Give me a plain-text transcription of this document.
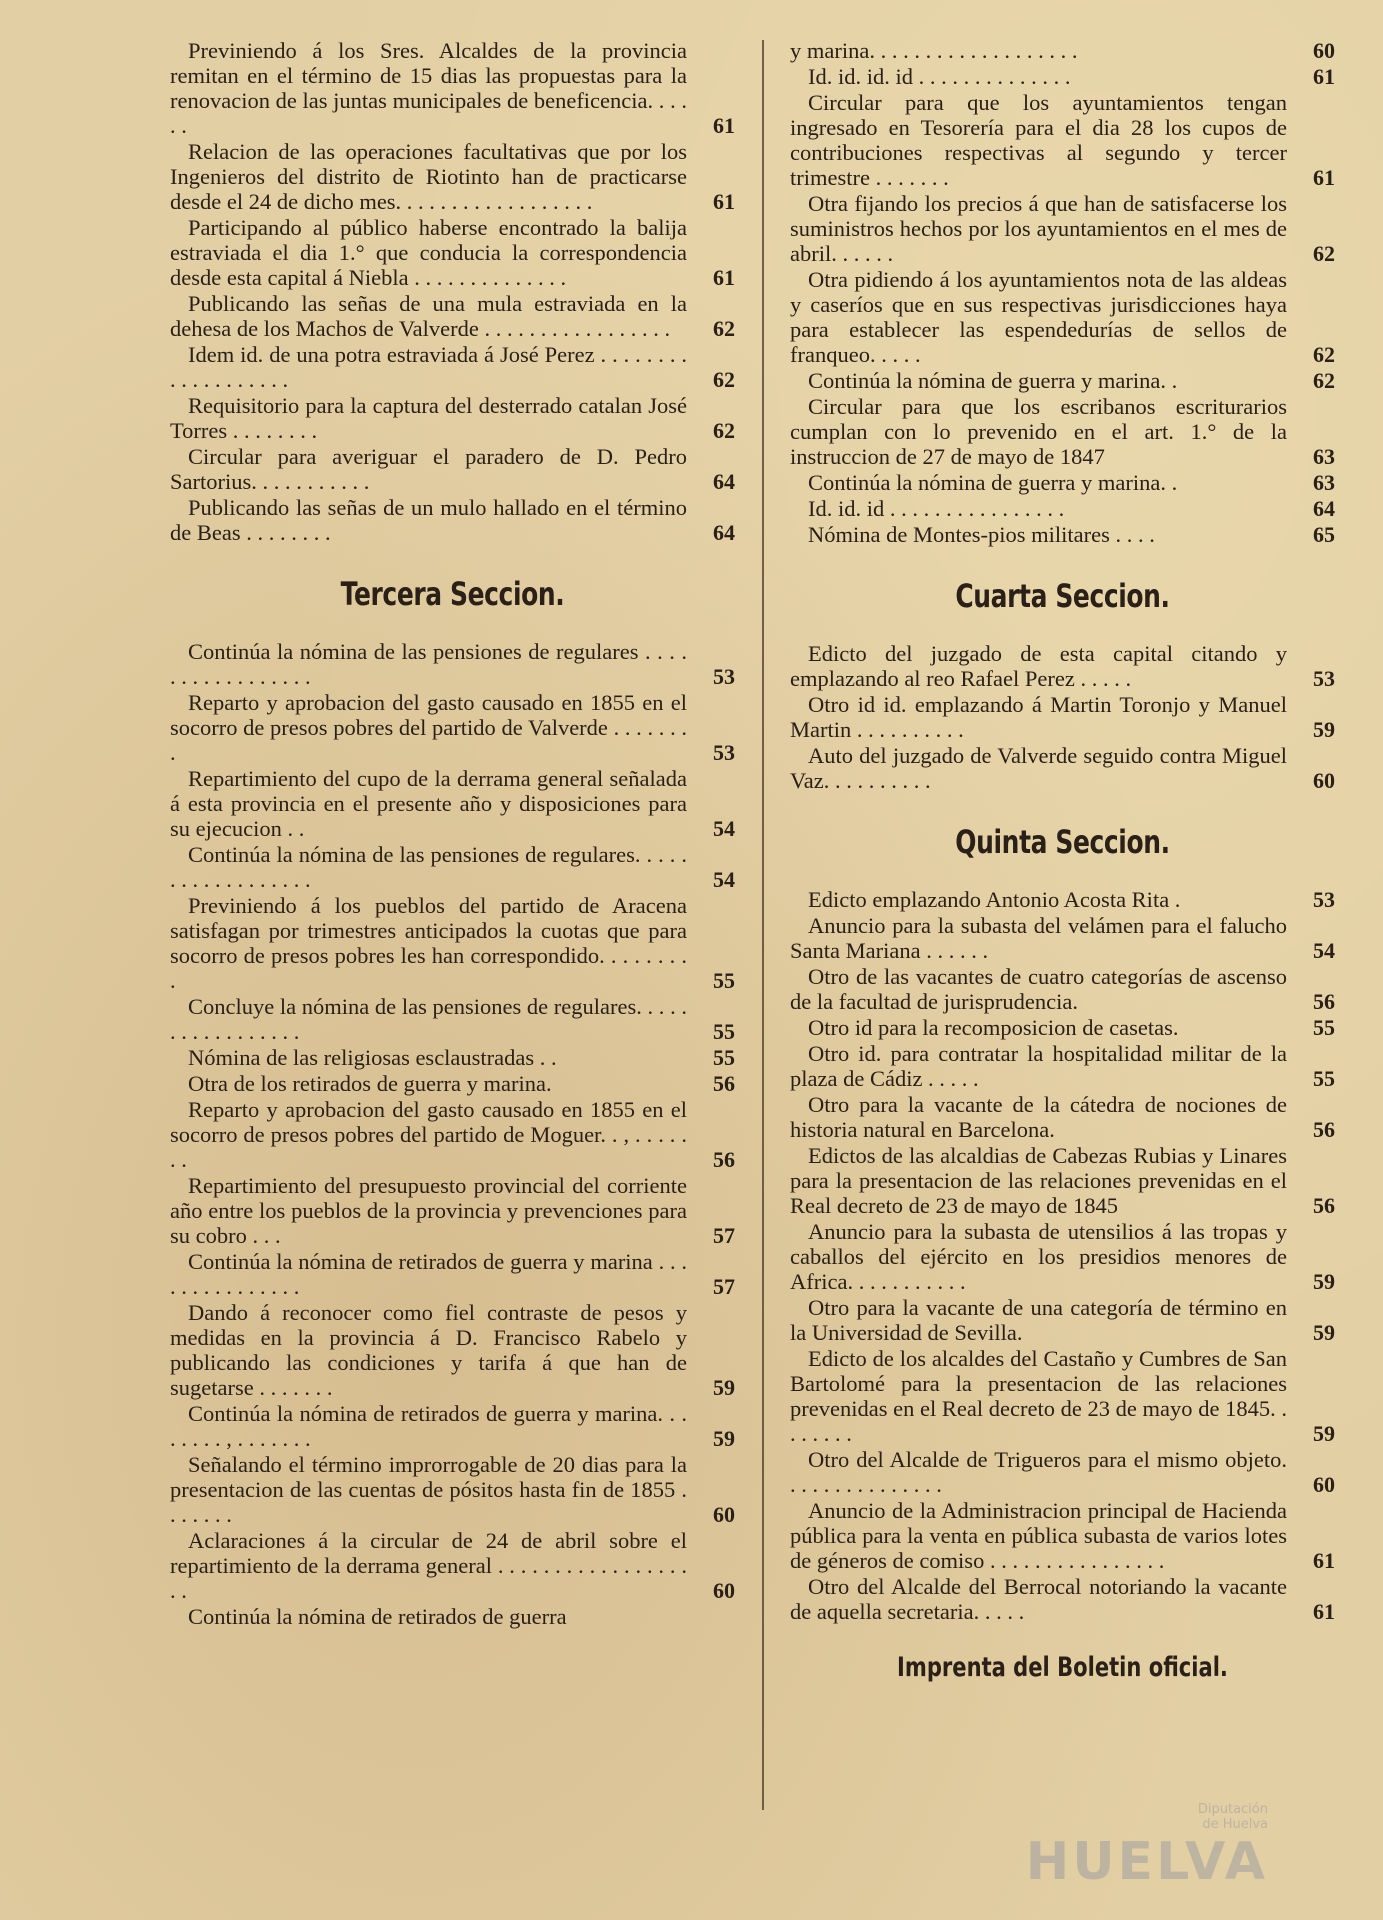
Previniendo á los Sres. Alcaldes de la provincia remitan en el término de 15 dias las propuestas para la renovacion de las juntas municipales de beneficencia. . . . . .	61
Relacion de las operaciones facultativas que por los Ingenieros del distrito de Riotinto han de practicarse desde el 24 de dicho mes. . . . . . . . . . . . . . . . . .	61
Participando al público haberse encontrado la balija estraviada el dia 1.° que conducia la correspondencia desde esta capital á Niebla . . . . . . . . . . . . . .	61
Publicando las señas de una mula estraviada en la dehesa de los Machos de Valverde . . . . . . . . . . . . . . . . .	62
Idem id. de una potra estraviada á José Perez . . . . . . . . . . . . . . . . . . .	62
Requisitorio para la captura del desterrado catalan José Torres . . . . . . . .	62
Circular para averiguar el paradero de D. Pedro Sartorius. . . . . . . . . . .	64
Publicando las señas de un mulo hallado en el término de Beas . . . . . . . .	64
Tercera Seccion.
Continúa la nómina de las pensiones de regulares . . . . . . . . . . . . . . . . .	53
Reparto y aprobacion del gasto causado en 1855 en el socorro de presos pobres del partido de Valverde . . . . . . . .	53
Repartimiento del cupo de la derrama general señalada á esta provincia en el presente año y disposiciones para su ejecucion . .	54
Continúa la nómina de las pensiones de regulares. . . . . . . . . . . . . . . . . .	54
Previniendo á los pueblos del partido de Aracena satisfagan por trimestres anticipados la cuotas que para socorro de presos pobres les han correspondido. . . . . . . . .	55
Concluye la nómina de las pensiones de regulares. . . . . . . . . . . . . . . . .	55
Nómina de las religiosas esclaustradas . .	55
Otra de los retirados de guerra y marina.	56
Reparto y aprobacion del gasto causado en 1855 en el socorro de presos pobres del partido de Moguer. . , . . . . . . .	56
Repartimiento del presupuesto provincial del corriente año entre los pueblos de la provincia y prevenciones para su cobro . . .	57
Continúa la nómina de retirados de guerra y marina . . . . . . . . . . . . . . .	57
Dando á reconocer como fiel contraste de pesos y medidas en la provincia á D. Francisco Rabelo y publicando las condiciones y tarifa á que han de sugetarse . . . . . . .	59
Continúa la nómina de retirados de guerra y marina. . . . . . . . , . . . . . . .	59
Señalando el término improrrogable de 20 dias para la presentacion de las cuentas de pósitos hasta fin de 1855 . . . . . . .	60
Aclaraciones á la circular de 24 de abril sobre el repartimiento de la derrama general . . . . . . . . . . . . . . . . . . .	60
Continúa la nómina de retirados de guerra
y marina. . . . . . . . . . . . . . . . . . .	60
Id. id. id. id . . . . . . . . . . . . . .	61
Circular para que los ayuntamientos tengan ingresado en Tesorería para el dia 28 los cupos de contribuciones respectivas al segundo y tercer trimestre . . . . . . .	61
Otra fijando los precios á que han de satisfacerse los suministros hechos por los ayuntamientos en el mes de abril. . . . . .	62
Otra pidiendo á los ayuntamientos nota de las aldeas y caseríos que en sus respectivas jurisdicciones haya para establecer las espendedurías de sellos de franqueo. . . . .	62
Continúa la nómina de guerra y marina. .	62
Circular para que los escribanos escriturarios cumplan con lo prevenido en el art. 1.° de la instruccion de 27 de mayo de 1847	63
Continúa la nómina de guerra y marina. .	63
Id. id. id . . . . . . . . . . . . . . . .	64
Nómina de Montes-pios militares . . . .	65
Cuarta Seccion.
Edicto del juzgado de esta capital citando y emplazando al reo Rafael Perez . . . . .	53
Otro id id. emplazando á Martin Toronjo y Manuel Martin . . . . . . . . . .	59
Auto del juzgado de Valverde seguido contra Miguel Vaz. . . . . . . . . .	60
Quinta Seccion.
Edicto emplazando Antonio Acosta Rita .	53
Anuncio para la subasta del velámen para el falucho Santa Mariana . . . . . .	54
Otro de las vacantes de cuatro categorías de ascenso de la facultad de jurisprudencia.	56
Otro id para la recomposicion de casetas.	55
Otro id. para contratar la hospitalidad militar de la plaza de Cádiz . . . . .	55
Otro para la vacante de la cátedra de nociones de historia natural en Barcelona.	56
Edictos de las alcaldias de Cabezas Rubias y Linares para la presentacion de las relaciones prevenidas en el Real decreto de 23 de mayo de 1845	56
Anuncio para la subasta de utensilios á las tropas y caballos del ejército en los presidios menores de Africa. . . . . . . . . . .	59
Otro para la vacante de una categoría de término en la Universidad de Sevilla.	59
Edicto de los alcaldes del Castaño y Cumbres de San Bartolomé para la presentacion de las relaciones prevenidas en el Real decreto de 23 de mayo de 1845. . . . . . . .	59
Otro del Alcalde de Trigueros para el mismo objeto. . . . . . . . . . . . . . .	60
Anuncio de la Administracion principal de Hacienda pública para la venta en pública subasta de varios lotes de géneros de comiso . . . . . . . . . . . . . . . .	61
Otro del Alcalde del Berrocal notoriando la vacante de aquella secretaria. . . . .	61
Imprenta del Boletin oficial.
Diputación
de Huelva
HUELVA
